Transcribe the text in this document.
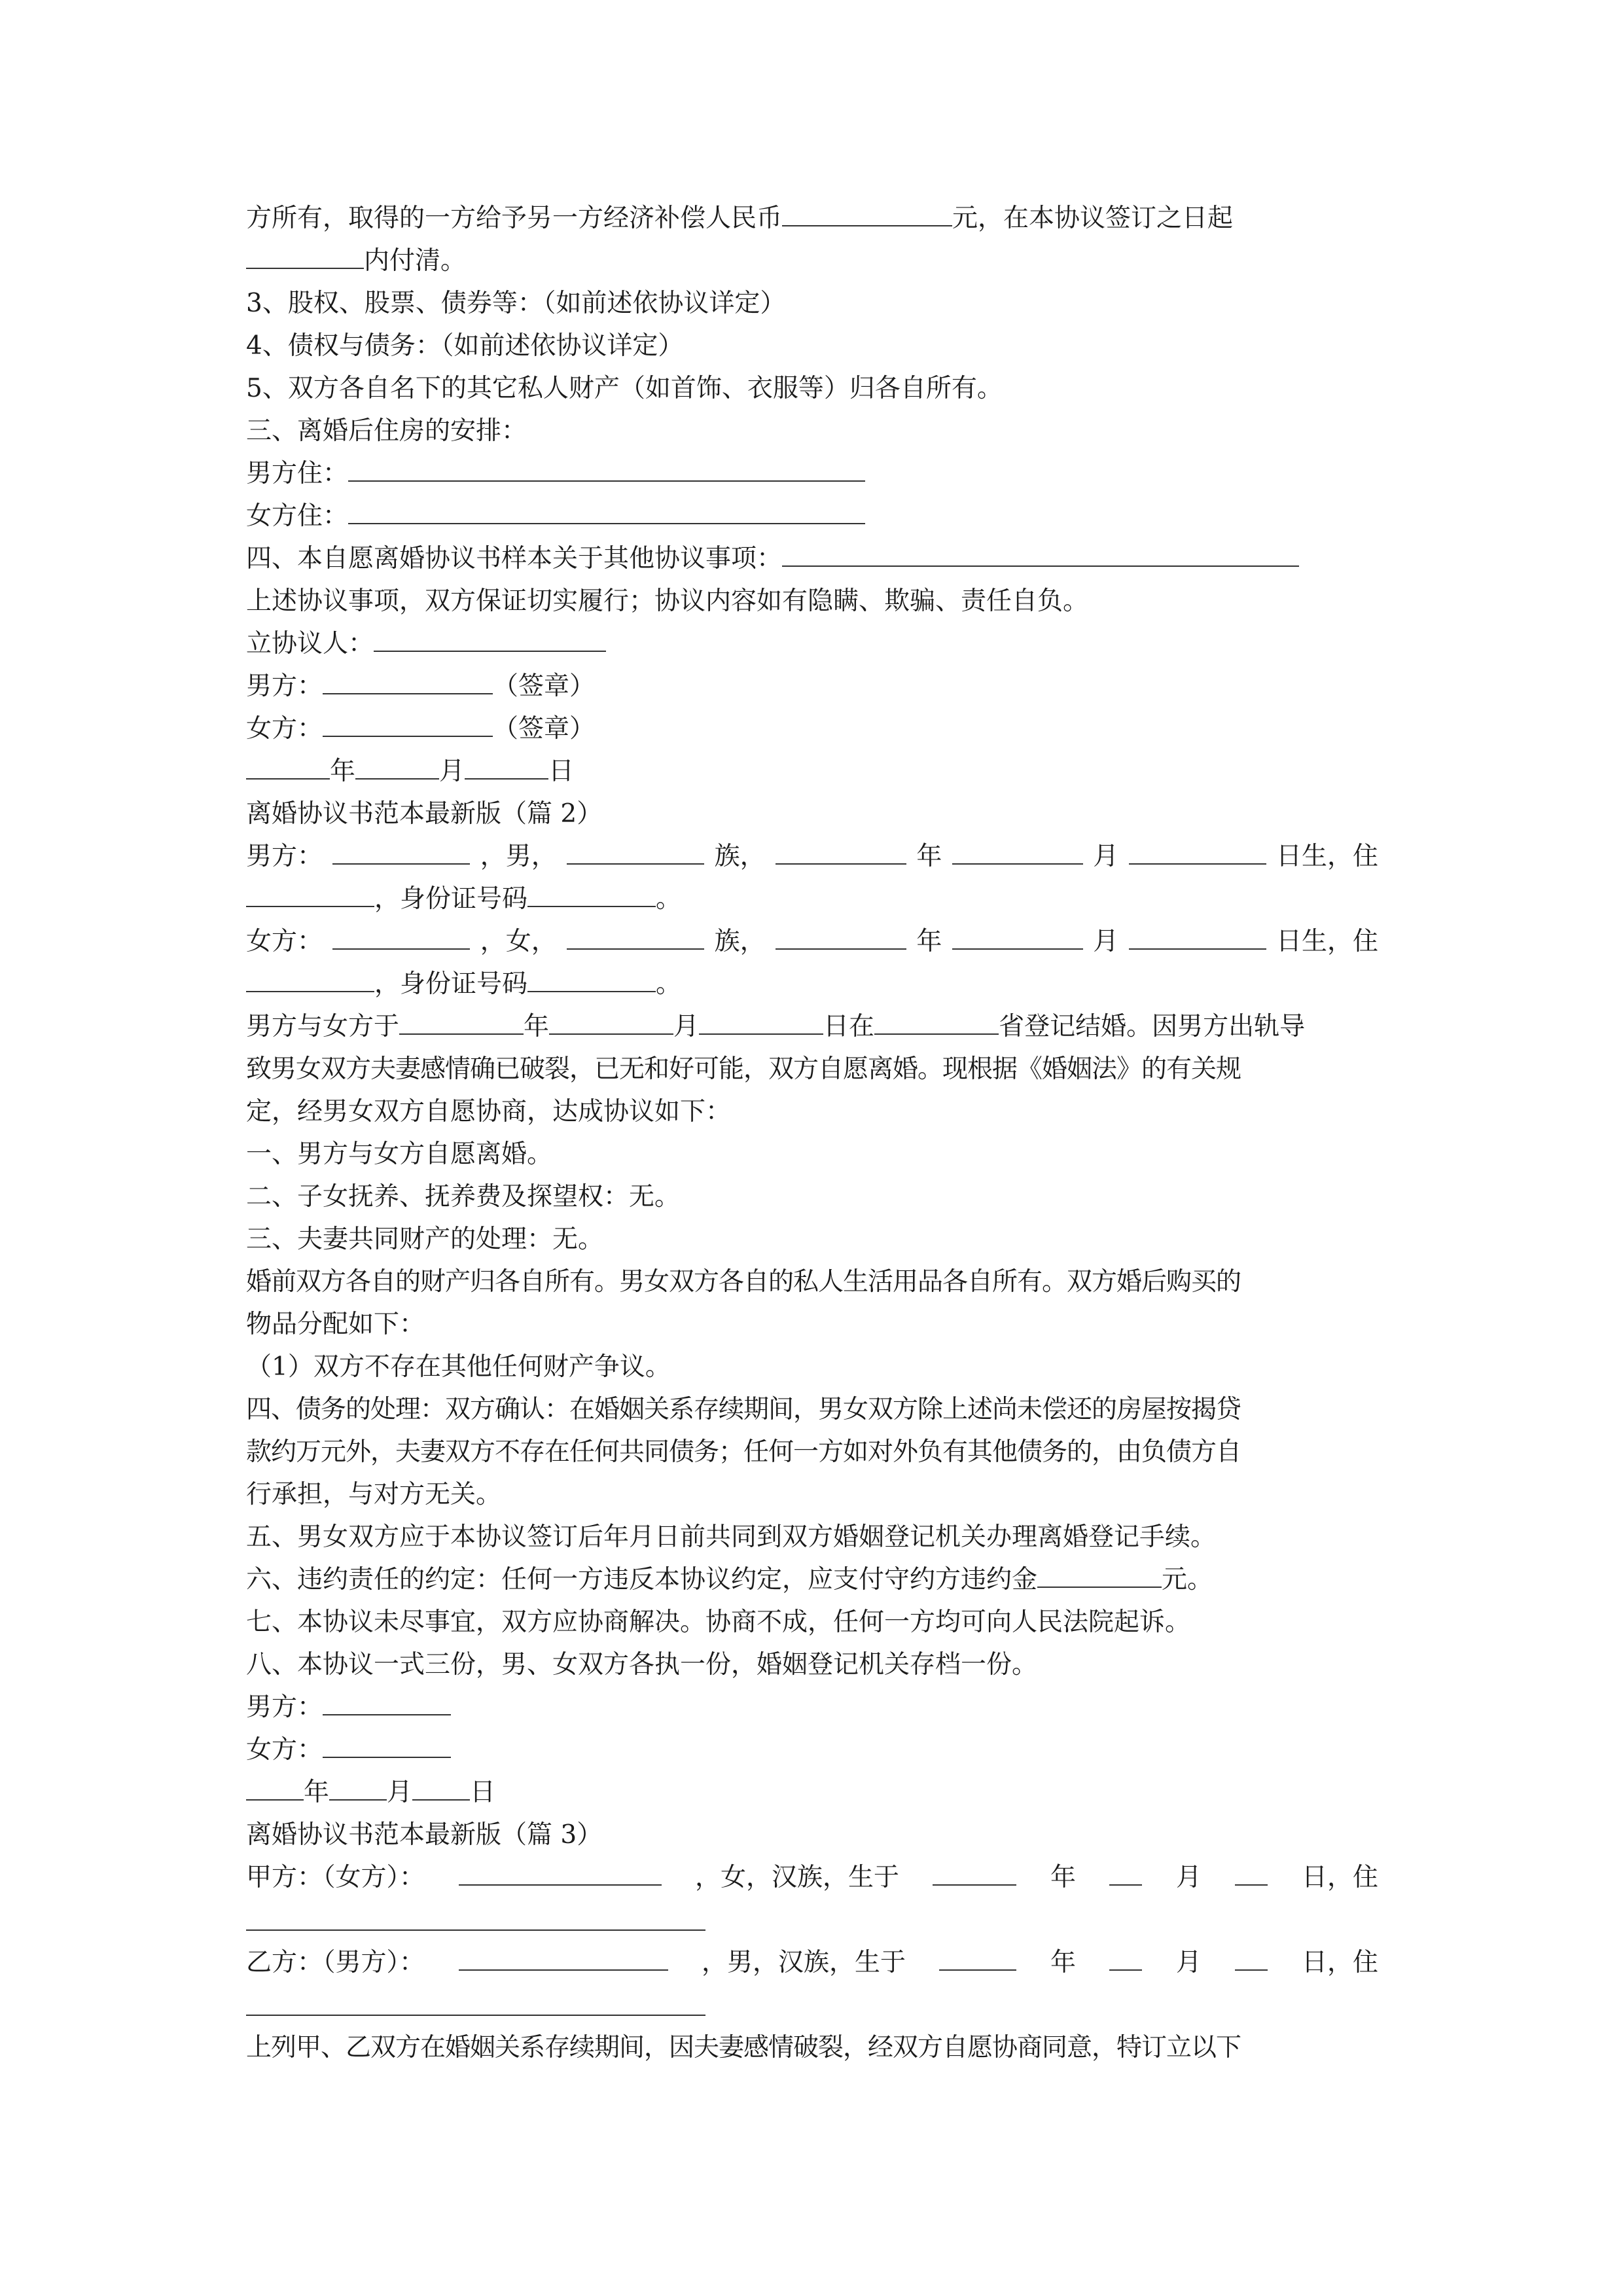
方所有，取得的一方给予另一方经济补偿人民币	元，在本协议签订之日起
内付清。
3、股权、股票、债券等：（如前述依协议详定）
4、债权与债务：（如前述依协议详定）
5、双方各自名下的其它私人财产（如首饰、衣服等）归各自所有。
三、离婚后住房的安排：
男方住：
女方住：
四、本自愿离婚协议书样本关于其他协议事项：
上述协议事项，双方保证切实履行；协议内容如有隐瞒、欺骗、责任自负。
立协议人：
男方：	（签章）
女方：	（签章）
年	月	日
离婚协议书范本最新版（篇 2）
男方：	，男，	族，	年	月	日生，住
，身份证号码	。
女方：	，女，	族，	年	月	日生，住
，身份证号码	。
男方与女方于	年	月	日在	省登记结婚。因男方出轨导
致男女双方夫妻感情确已破裂，已无和好可能，双方自愿离婚。现根据《婚姻法》的有关规
定，经男女双方自愿协商，达成协议如下：
一、男方与女方自愿离婚。
二、子女抚养、抚养费及探望权：无。
三、夫妻共同财产的处理：无。
婚前双方各自的财产归各自所有。男女双方各自的私人生活用品各自所有。双方婚后购买的
物品分配如下：
（1）双方不存在其他任何财产争议。
四、债务的处理：双方确认：在婚姻关系存续期间，男女双方除上述尚未偿还的房屋按揭贷
款约万元外，夫妻双方不存在任何共同债务；任何一方如对外负有其他债务的，由负债方自
行承担，与对方无关。
五、男女双方应于本协议签订后年月日前共同到双方婚姻登记机关办理离婚登记手续。
六、违约责任的约定：任何一方违反本协议约定，应支付守约方违约金	元。
七、本协议未尽事宜，双方应协商解决。协商不成，任何一方均可向人民法院起诉。
八、本协议一式三份，男、女双方各执一份，婚姻登记机关存档一份。
男方：
女方：
年 月 日
离婚协议书范本最新版（篇 3）
甲方：（女方）：	，女，汉族，生于	年	月	日，住
乙方：（男方）：	，男，汉族，生于	年	月	日，住
上列甲、乙双方在婚姻关系存续期间，因夫妻感情破裂，经双方自愿协商同意，特订立以下
